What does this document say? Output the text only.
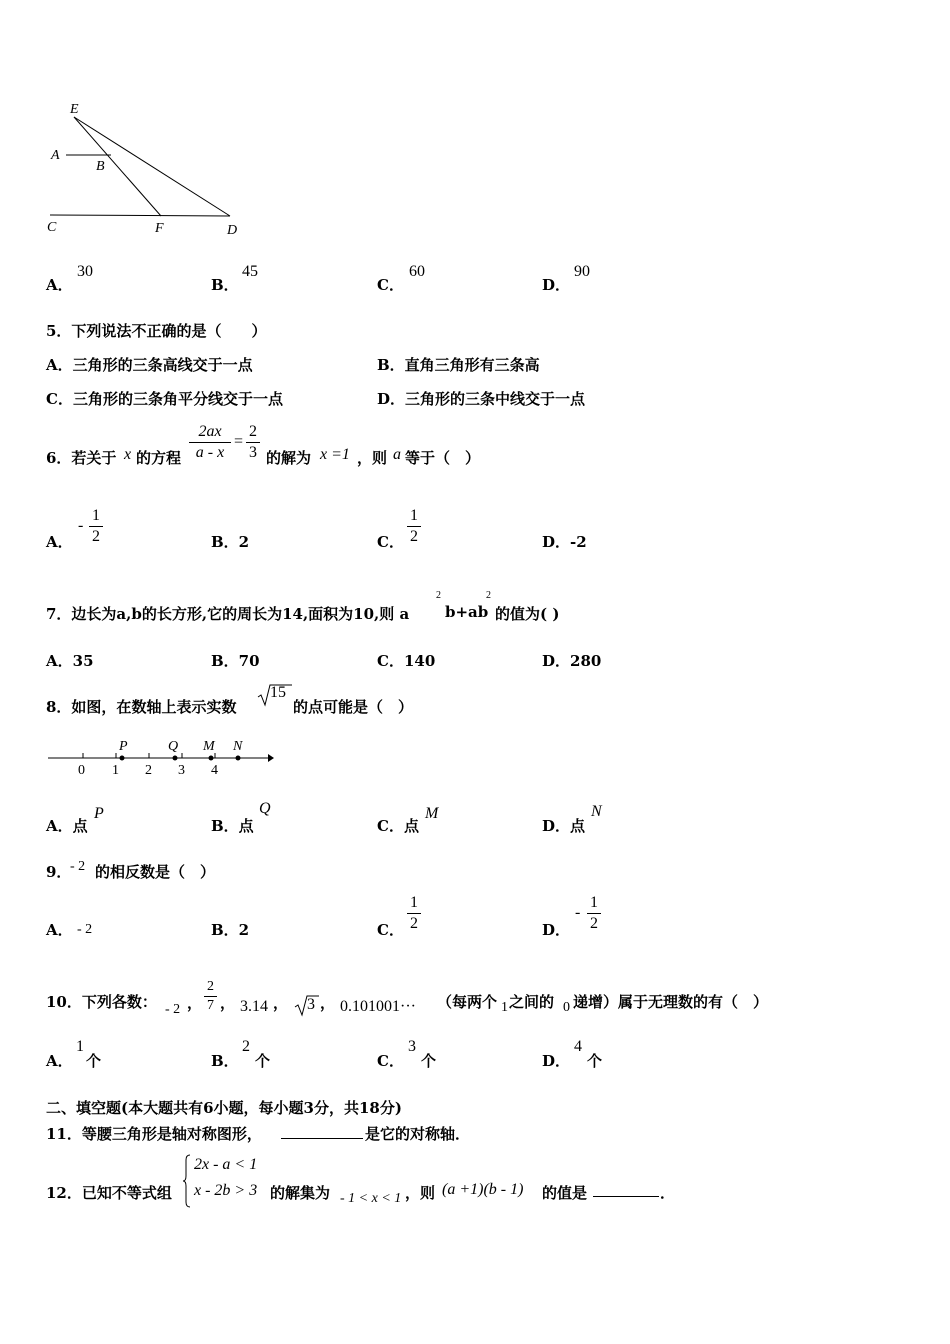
E
A
B
C	F	D
A．
30
B．
45
C．
60
D．
90
5．下列说法不正确的是（　　）
A．三角形的三条高线交于一点	B．直角三角形有三条高
C．三角形的三条角平分线交于一点	D．三角形的三条中线交于一点
6．若关于 x 的方程
2ax
a - x
=
2
3 的解为 x =1 ，则 a 等于（　）
A．
-
1
2	B．2	C．
1
2	D．-2
7．边长为a,b的长方形,它的周长为14,面积为10,则 a
2
b+ab
2
的值为( )
A．35	B．70	C．140	D．280
8．如图，在数轴上表示实数
15
的点可能是（　）
0 1 2 3 4
P	Q M N
A．点
P
B．点
Q
C．点
M
D．点
N
9．
- 2 的相反数是（　）
A． - 2	B．2	C．
1
2	D．
-
1
2
10．下列各数： - 2 ，
2
7 ， 3.14 ， 3 ， 0.101001··· （每两个 1 之间的 0 递增）属于无理数的有（　）
A．
1
个	B．
2
个	C．
3
个	D．
4
个
二、填空题(本大题共有6小题，每小题3分，共18分)
11．等腰三角形是轴对称图形，	是它的对称轴．
12．已知不等式组
2x - a < 1
x - 2b > 3 的解集为 - 1 < x < 1 ，则 (a +1)(b - 1) 的值是	．
